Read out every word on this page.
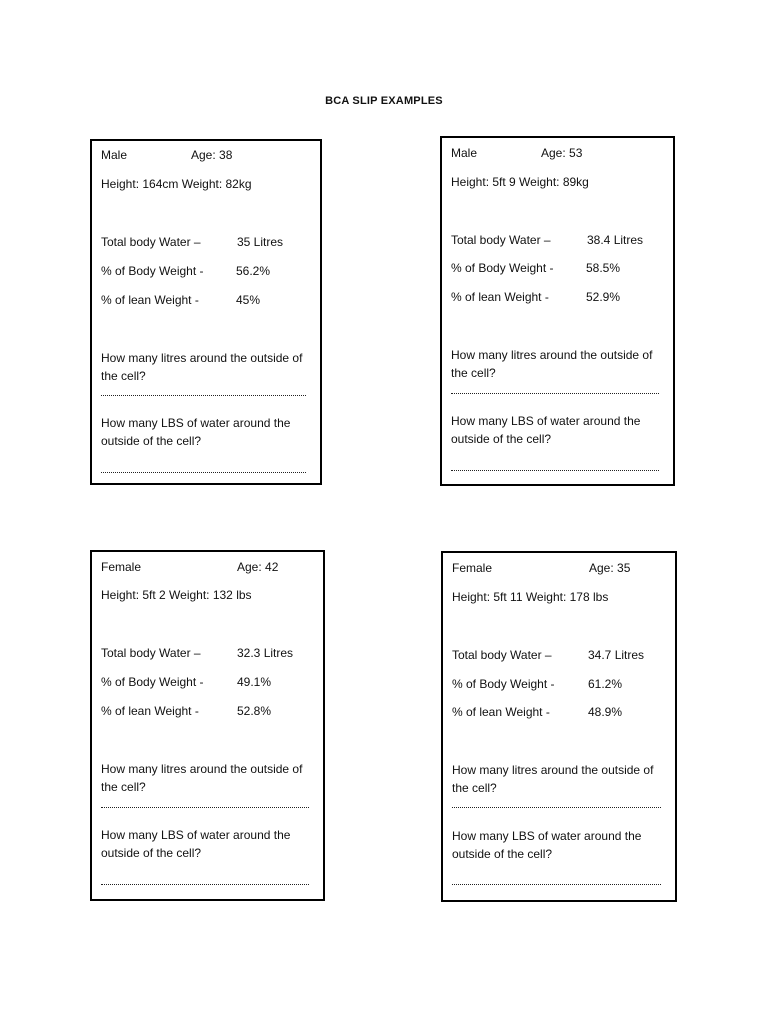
BCA SLIP EXAMPLES
Male	Age: 38
Height: 164cm Weight: 82kg
Total body Water –	35 Litres
% of Body Weight -	56.2%
% of lean Weight -	45%
How many litres around the outside of the cell?
How many LBS of water around the outside of the cell?
Male	Age: 53
Height: 5ft 9 Weight: 89kg
Total body Water –	38.4 Litres
% of Body Weight -	58.5%
% of lean Weight -	52.9%
How many litres around the outside of the cell?
How many LBS of water around the outside of the cell?
Female	Age: 42
Height: 5ft 2 Weight: 132 lbs
Total body Water –	32.3 Litres
% of Body Weight -	49.1%
% of lean Weight -	52.8%
How many litres around the outside of the cell?
How many LBS of water around the outside of the cell?
Female	Age: 35
Height: 5ft 11 Weight: 178 lbs
Total body Water –	34.7 Litres
% of Body Weight -	61.2%
% of lean Weight -	48.9%
How many litres around the outside of the cell?
How many LBS of water around the outside of the cell?
